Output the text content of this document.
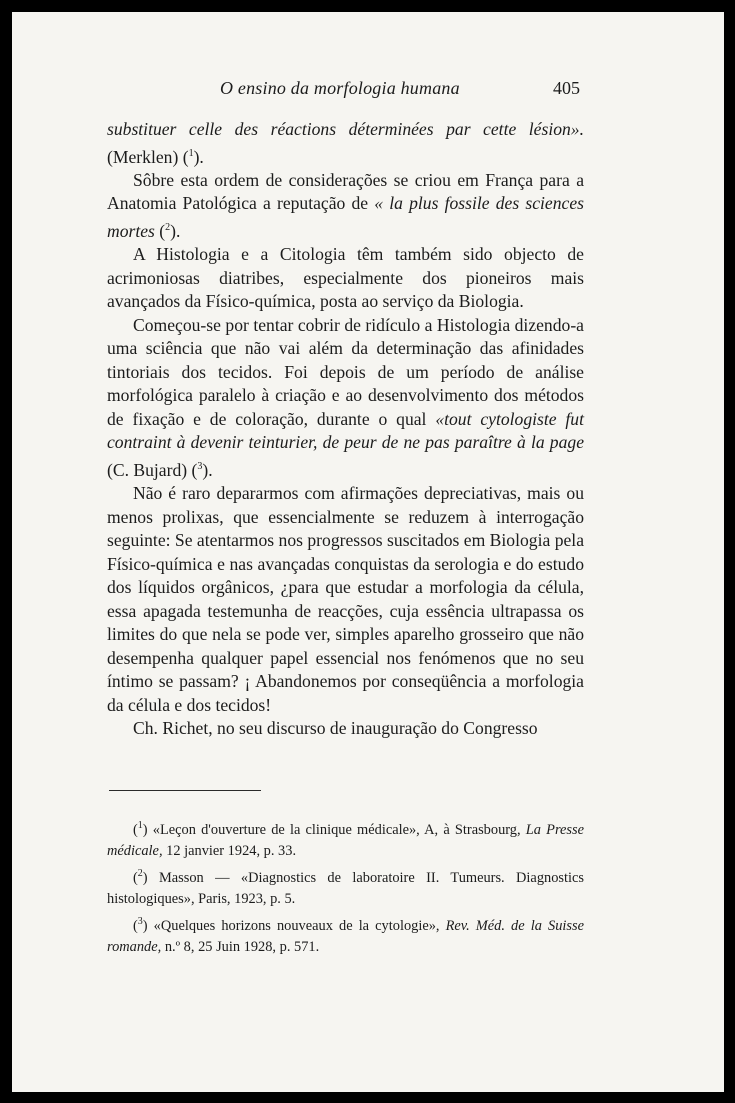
O ensino da morfologia humana	405

substituer celle des réactions déterminées par cette lésion». (Merklen) ($^1$).

Sôbre esta ordem de considerações se criou em França para a Anatomia Patológica a reputação de « la plus fossile des sciences mortes ($^2$).

A Histologia e a Citologia têm também sido objecto de acrimoniosas diatribes, especialmente dos pioneiros mais avançados da Físico-química, posta ao serviço da Biologia.

Começou-se por tentar cobrir de ridículo a Histologia dizendo-a uma sciência que não vai além da determinação das afinidades tintoriais dos tecidos. Foi depois de um período de análise morfológica paralelo à criação e ao desenvolvimento dos métodos de fixação e de coloração, durante o qual «tout cytologiste fut contraint à devenir teinturier, de peur de ne pas paraître à la page (C. Bujard) ($^3$).

Não é raro depararmos com afirmações depreciativas, mais ou menos prolixas, que essencialmente se reduzem à interrogação seguinte: Se atentarmos nos progressos suscitados em Biologia pela Físico-química e nas avançadas conquistas da serologia e do estudo dos líquidos orgânicos, ¿para que estudar a morfologia da célula, essa apagada testemunha de reacções, cuja essência ultrapassa os limites do que nela se pode ver, simples aparelho grosseiro que não desempenha qualquer papel essencial nos fenómenos que no seu íntimo se passam? ¡ Abandonemos por conseqüência a morfologia da célula e dos tecidos!

Ch. Richet, no seu discurso de inauguração do Congresso

($^1$) «Leçon d'ouverture de la clinique médicale», A, à Strasbourg, La Presse médicale, 12 janvier 1924, p. 33.

($^2$) Masson — «Diagnostics de laboratoire II. Tumeurs. Diagnostics histologiques», Paris, 1923, p. 5.

($^3$) «Quelques horizons nouveaux de la cytologie», Rev. Méd. de la Suisse romande, n.º 8, 25 Juin 1928, p. 571.
